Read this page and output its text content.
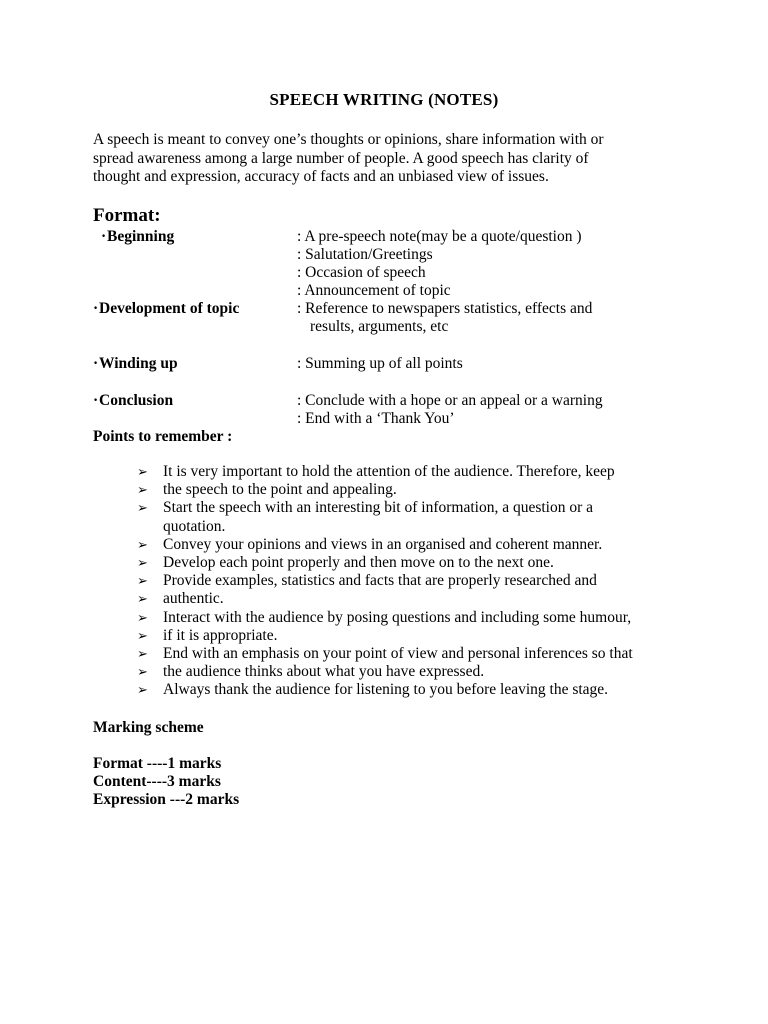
SPEECH WRITING (NOTES)
A speech is meant to convey one’s thoughts or opinions, share information with or
spread awareness among a large number of people. A good speech has clarity of
thought and expression, accuracy of facts and an unbiased view of issues.
Format:
·Beginning	: A pre-speech note(may be a quote/question )
: Salutation/Greetings
: Occasion of speech
: Announcement of topic
·Development of topic	: Reference to newspapers statistics, effects and
results, arguments, etc
·Winding up	: Summing up of all points
·Conclusion	: Conclude with a hope or an appeal or a warning
: End with a ‘Thank You’
Points to remember :
➢ It is very important to hold the attention of the audience. Therefore, keep
➢ the speech to the point and appealing.
➢ Start the speech with an interesting bit of information, a question or a
quotation.
➢ Convey your opinions and views in an organised and coherent manner.
➢ Develop each point properly and then move on to the next one.
➢ Provide examples, statistics and facts that are properly researched and
➢ authentic.
➢ Interact with the audience by posing questions and including some humour,
➢ if it is appropriate.
➢ End with an emphasis on your point of view and personal inferences so that
➢ the audience thinks about what you have expressed.
➢ Always thank the audience for listening to you before leaving the stage.
Marking scheme
Format ----1 marks
Content----3 marks
Expression ---2 marks
